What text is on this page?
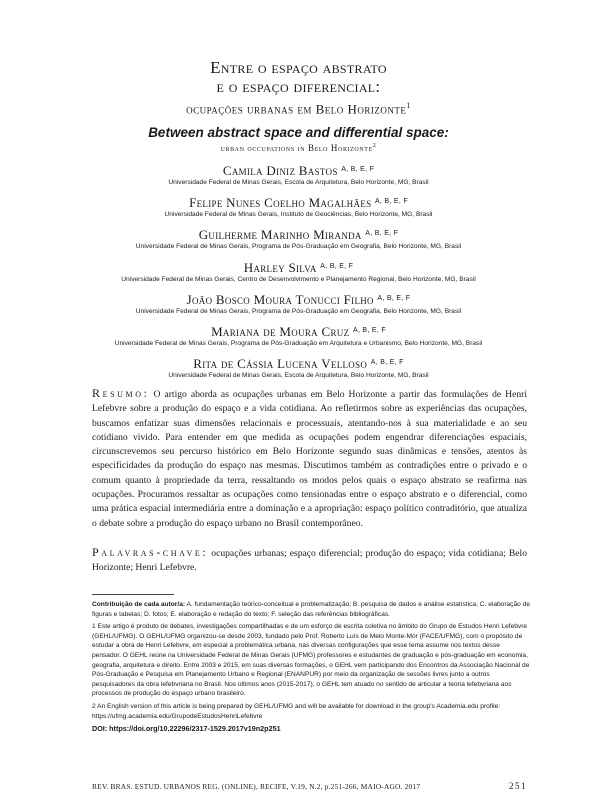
Entre o espaço abstrato
e o espaço diferencial:
ocupações urbanas em Belo Horizonte$^1$
Between abstract space and differential space:
urban occupations in Belo Horizonte$^2$
Camila Diniz Bastos $^{A, B, E, F}$
Universidade Federal de Minas Gerais, Escola de Arquitetura, Belo Horizonte, MG, Brasil
Felipe Nunes Coelho Magalhães $^{A, B, E, F}$
Universidade Federal de Minas Gerais, Instituto de Geociências, Belo Horizonte, MG, Brasil
Guilherme Marinho Miranda $^{A, B, E, F}$
Universidade Federal de Minas Gerais, Programa de Pós-Graduação em Geografia, Belo Horizonte, MG, Brasil
Harley Silva $^{A, B, E, F}$
Universidade Federal de Minas Gerais, Centro de Desenvolvimento e Planejamento Regional, Belo Horizonte, MG, Brasil
João Bosco Moura Tonucci Filho $^{A, B, E, F}$
Universidade Federal de Minas Gerais, Programa de Pós-Graduação em Geografia, Belo Horizonte, MG, Brasil
Mariana de Moura Cruz $^{A, B, E, F}$
Universidade Federal de Minas Gerais, Programa de Pós-Graduação em Arquitetura e Urbanismo, Belo Horizonte, MG, Brasil
Rita de Cássia Lucena Velloso $^{A, B, E, F}$
Universidade Federal de Minas Gerais, Escola de Arquitetura, Belo Horizonte, MG, Brasil
Resumo: O artigo aborda as ocupações urbanas em Belo Horizonte a partir das formulações de Henri Lefebvre sobre a produção do espaço e a vida cotidiana. Ao refletirmos sobre as experiências das ocupações, buscamos enfatizar suas dimensões relacionais e processuais, atentando-nos à sua materialidade e ao seu cotidiano vivido. Para entender em que medida as ocupações podem engendrar diferenciações espaciais, circunscrevemos seu percurso histórico em Belo Horizonte segundo suas dinâmicas e tensões, atentos às especificidades da produção do espaço nas mesmas. Discutimos também as contradições entre o privado e o comum quanto à propriedade da terra, ressaltando os modos pelos quais o espaço abstrato se reafirma nas ocupações. Procuramos ressaltar as ocupações como tensionadas entre o espaço abstrato e o diferencial, como uma prática espacial intermediária entre a dominação e a apropriação: espaço político contraditório, que atualiza o debate sobre a produção do espaço urbano no Brasil contemporâneo.
Palavras-chave: ocupações urbanas; espaço diferencial; produção do espaço; vida cotidiana; Belo Horizonte; Henri Lefebvre.

Contribuição de cada autor/a: A. fundamentação teórico-conceitual e problematização; B. pesquisa de dados e análise estatística; C. elaboração de figuras e tabelas; D. fotos; E. elaboração e redação do texto; F. seleção das referências bibliográficas.

1 Este artigo é produto de debates, investigações compartilhadas e de um esforço de escrita coletiva no âmbito do Grupo de Estudos Henri Lefebvre (GEHL/UFMG). O GEHL/UFMG organizou-se desde 2003, fundado pelo Prof. Roberto Luís de Melo Monte-Mór (FACE/UFMG), com o propósito de estudar a obra de Henri Lefebvre, em especial a problemática urbana, nas diversas configurações que esse tema assume nos textos desse pensador. O GEHL reúne na Universidade Federal de Minas Gerais (UFMG) professores e estudantes de graduação e pós-graduação em economia, geografia, arquitetura e direito. Entre 2003 e 2015, em suas diversas formações, o GEHL vem participando dos Encontros da Associação Nacional de Pós-Graduação e Pesquisa em Planejamento Urbano e Regional (ENANPUR) por meio da organização de sessões livres junto a outros pesquisadores da obra lefebvriana no Brasil. Nos últimos anos (2015-2017), o GEHL tem atuado no sentido de articular a teoria lefebvriana aos processos de produção do espaço urbano brasileiro.

2 An English version of this article is being prepared by GEHL/UFMG and will be available for download in the group's Academia.edu profile: https://ufmg.academia.edu/GrupodeEstudosHenriLefebvre

DOI: https://doi.org/10.22296/2317-1529.2017v19n2p251

REV. BRAS. ESTUD. URBANOS REG. (ONLINE), RECIFE, V.19, N.2, p.251-266, MAIO-AGO. 2017	251
